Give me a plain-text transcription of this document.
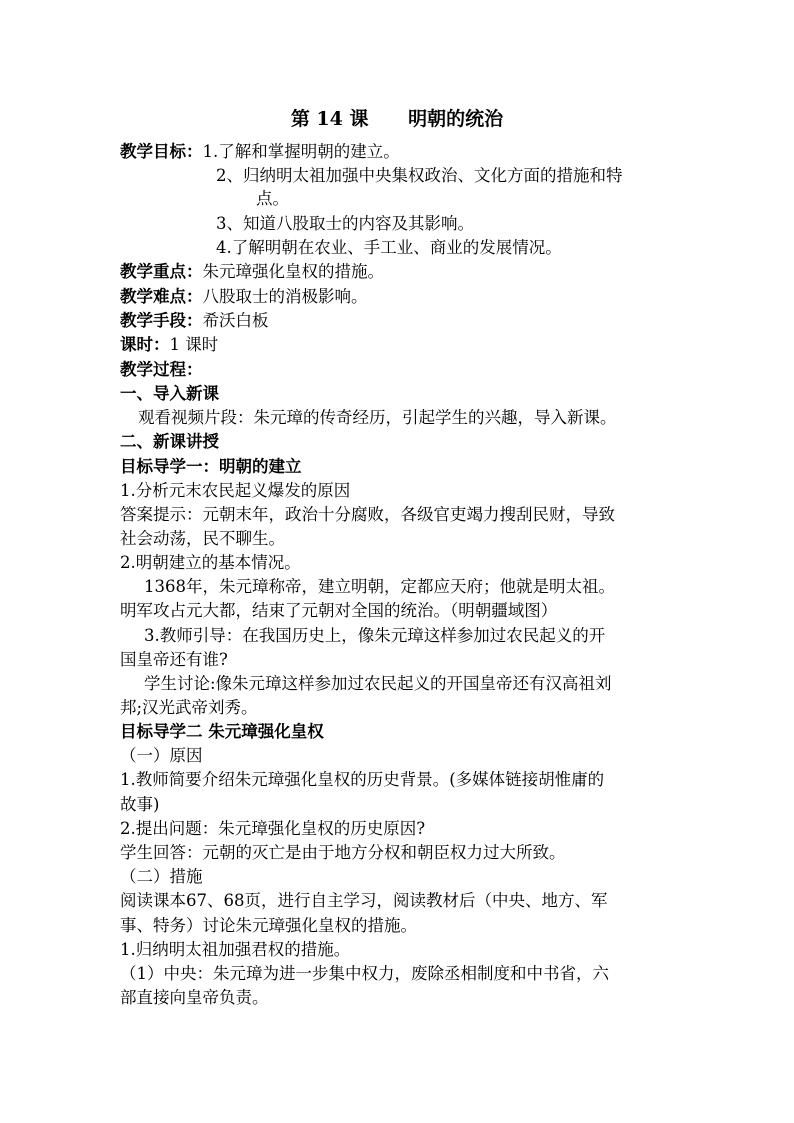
第 14 课      明朝的统治
教学目标：1.了解和掌握明朝的建立。
2、归纳明太祖加强中央集权政治、文化方面的措施和特
点。
3、知道八股取士的内容及其影响。
4.了解明朝在农业、手工业、商业的发展情况。
教学重点：朱元璋强化皇权的措施。
教学难点：八股取士的消极影响。
教学手段：希沃白板
课时：1 课时
教学过程：
一、导入新课
观看视频片段：朱元璋的传奇经历，引起学生的兴趣，导入新课。
二、新课讲授
目标导学一：明朝的建立
1.分析元末农民起义爆发的原因
答案提示：元朝末年，政治十分腐败，各级官吏竭力搜刮民财，导致
社会动荡，民不聊生。
2.明朝建立的基本情况。
1368年，朱元璋称帝，建立明朝，定都应天府；他就是明太祖。
明军攻占元大都，结束了元朝对全国的统治。（明朝疆域图）
3.教师引导：在我国历史上，像朱元璋这样参加过农民起义的开
国皇帝还有谁?
学生讨论:像朱元璋这样参加过农民起义的开国皇帝还有汉高祖刘
邦;汉光武帝刘秀。
目标导学二 朱元璋强化皇权
（一）原因
1.教师简要介绍朱元璋强化皇权的历史背景。(多媒体链接胡惟庸的
故事)
2.提出问题：朱元璋强化皇权的历史原因?
学生回答：元朝的灭亡是由于地方分权和朝臣权力过大所致。
（二）措施
阅读课本67、68页，进行自主学习，阅读教材后（中央、地方、军
事、特务）讨论朱元璋强化皇权的措施。
1.归纳明太祖加强君权的措施。
（1）中央：朱元璋为进一步集中权力，废除丞相制度和中书省，六
部直接向皇帝负责。
